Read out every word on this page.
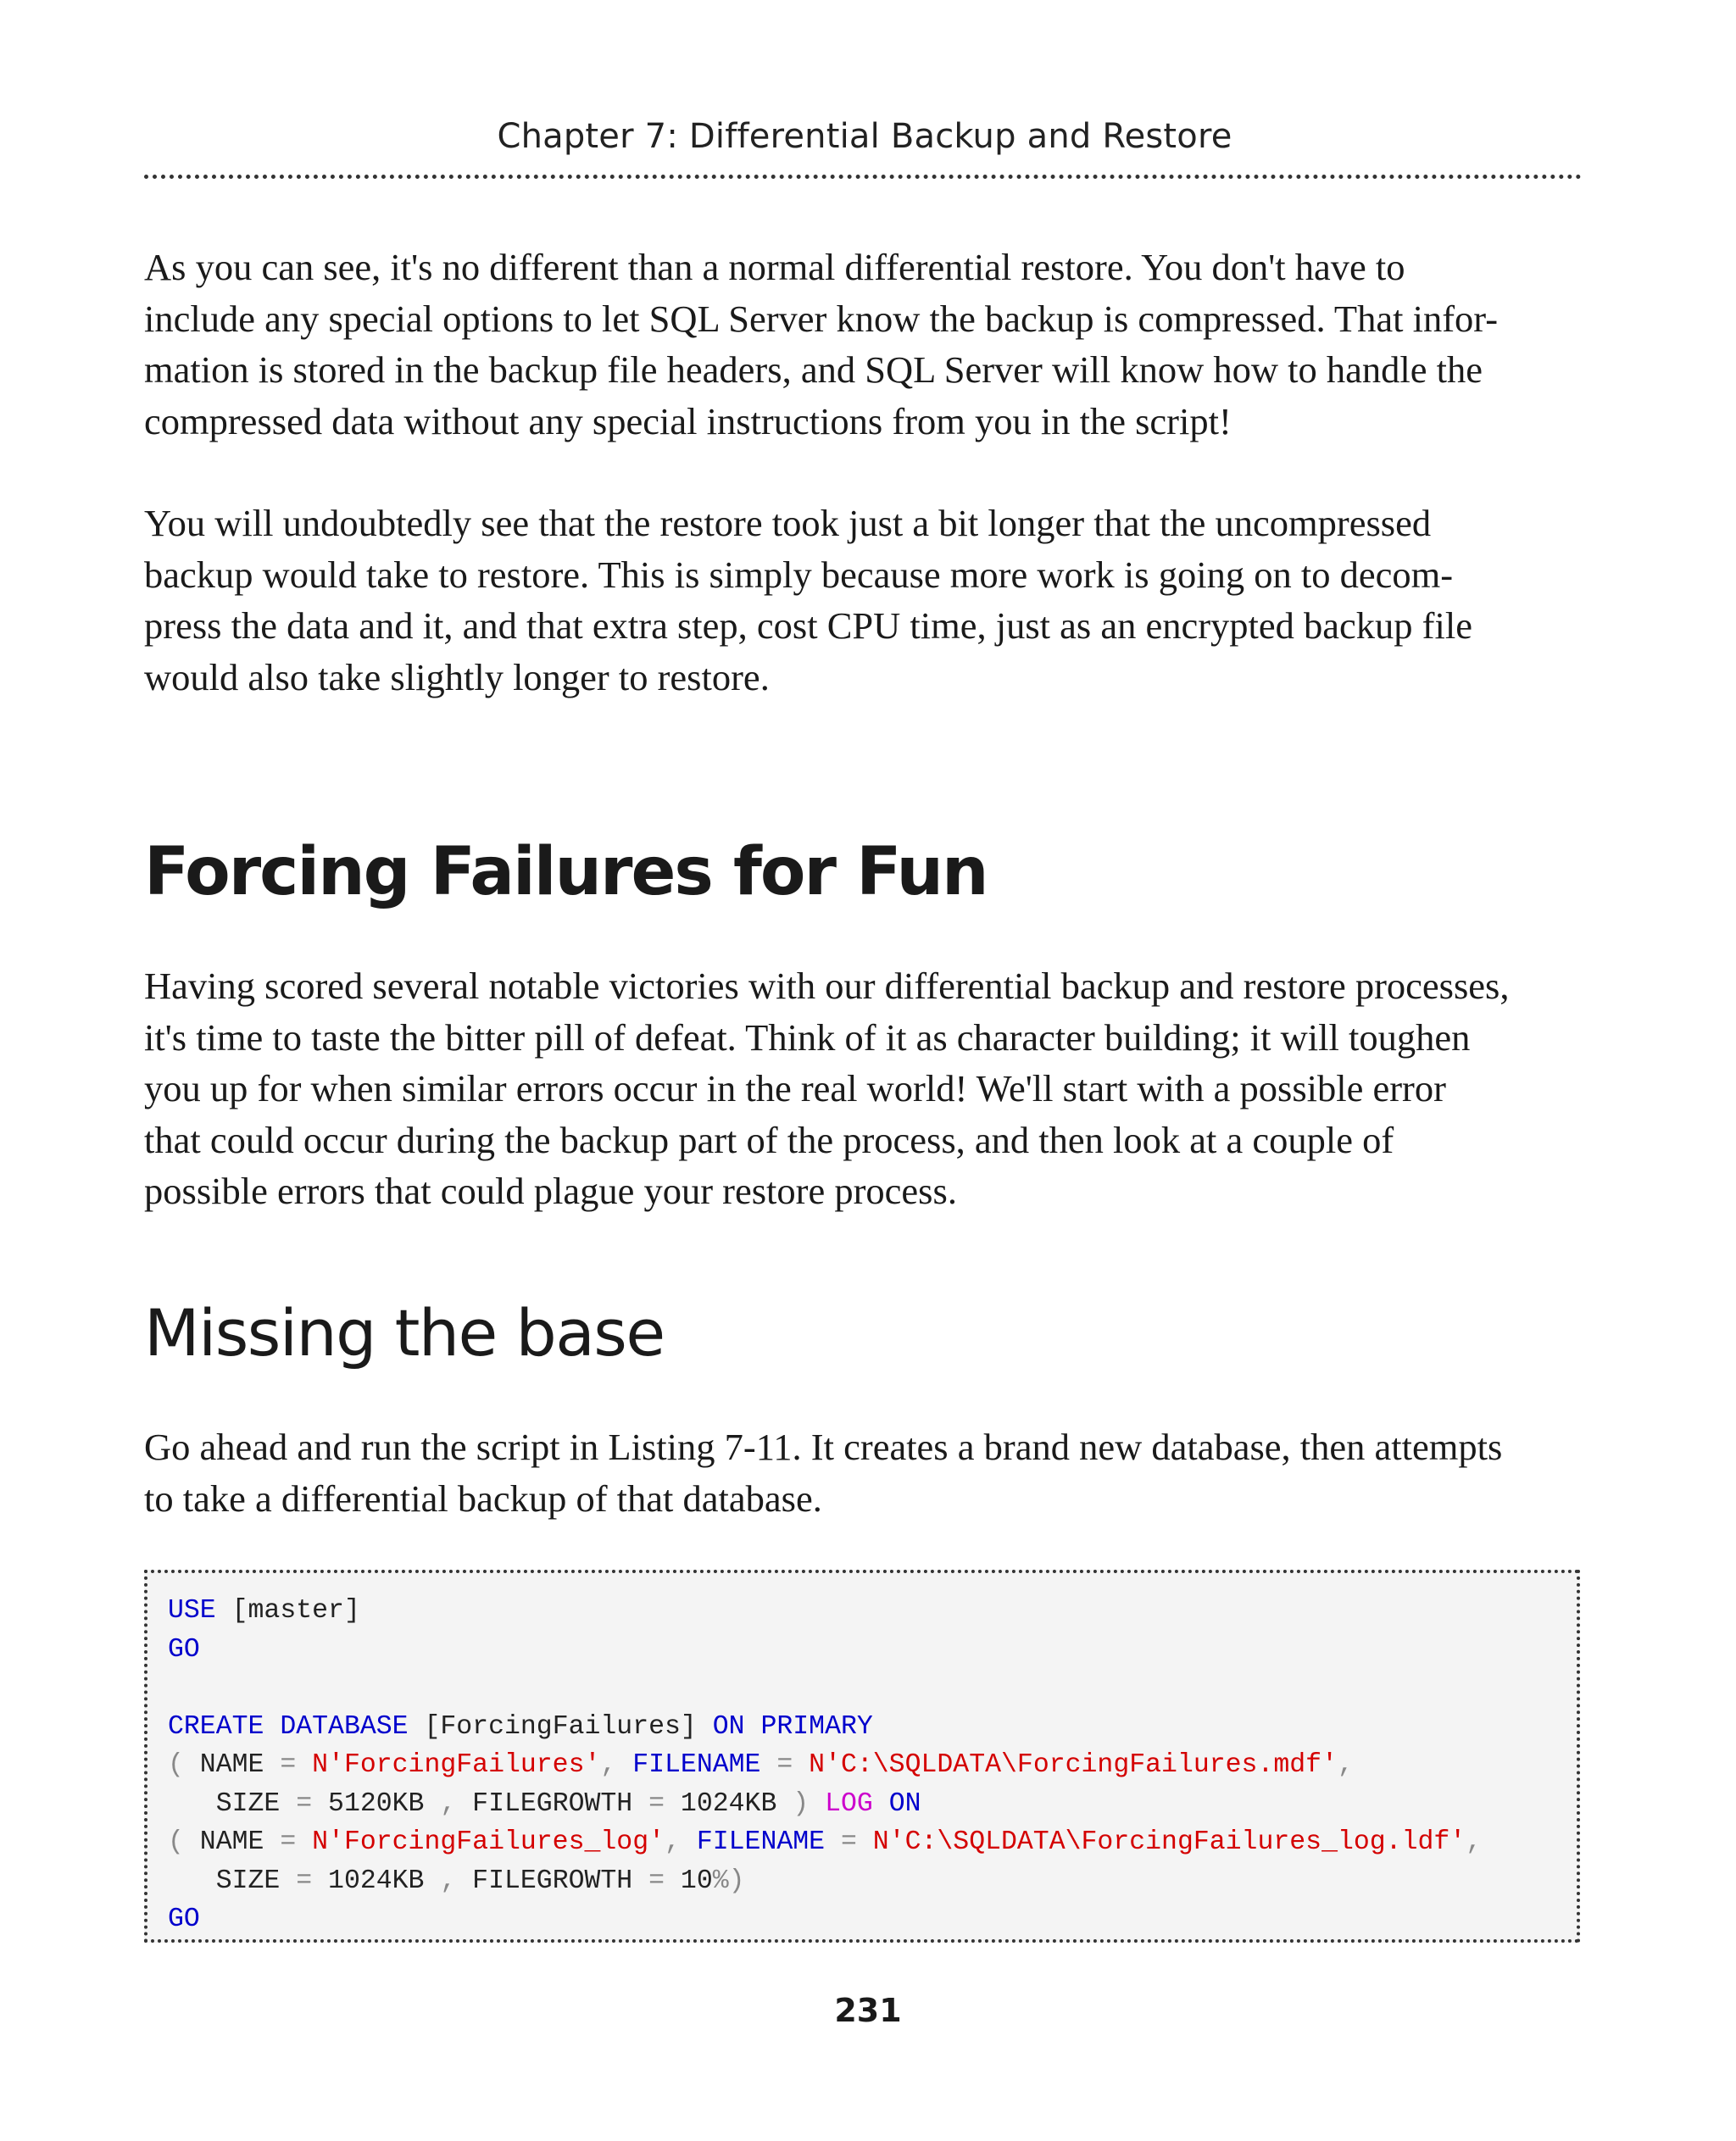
Chapter 7: Differential Backup and Restore

As you can see, it's no different than a normal differential restore. You don't have to
include any special options to let SQL Server know the backup is compressed. That infor-
mation is stored in the backup file headers, and SQL Server will know how to handle the
compressed data without any special instructions from you in the script!

You will undoubtedly see that the restore took just a bit longer that the uncompressed
backup would take to restore. This is simply because more work is going on to decom-
press the data and it, and that extra step, cost CPU time, just as an encrypted backup file
would also take slightly longer to restore.

Forcing Failures for Fun

Having scored several notable victories with our differential backup and restore processes,
it's time to taste the bitter pill of defeat. Think of it as character building; it will toughen
you up for when similar errors occur in the real world! We'll start with a possible error
that could occur during the backup part of the process, and then look at a couple of
possible errors that could plague your restore process.

Missing the base

Go ahead and run the script in Listing 7-11. It creates a brand new database, then attempts
to take a differential backup of that database.

USE [master]
GO
CREATE DATABASE [ForcingFailures] ON PRIMARY
( NAME = N'ForcingFailures', FILENAME = N'C:\SQLDATA\ForcingFailures.mdf',
SIZE = 5120KB , FILEGROWTH = 1024KB ) LOG ON
( NAME = N'ForcingFailures_log', FILENAME = N'C:\SQLDATA\ForcingFailures_log.ldf',
SIZE = 1024KB , FILEGROWTH = 10%)
GO
231
